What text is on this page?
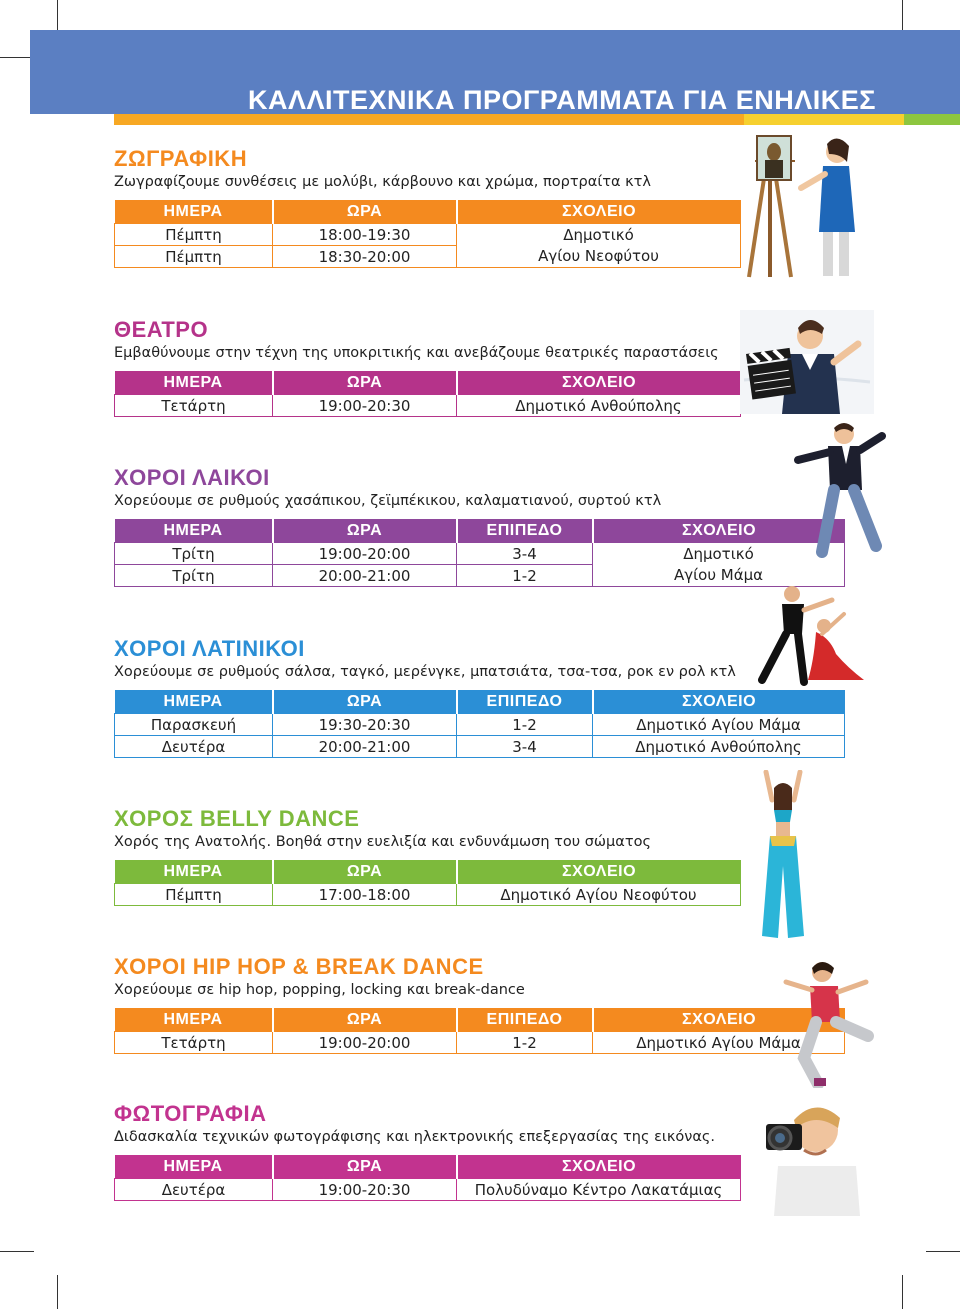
ΚΑΛΛΙΤΕΧΝΙΚΑ ΠΡΟΓΡΑΜΜΑΤΑ ΓΙΑ ΕΝΗΛΙΚΕΣ
ΖΩΓΡΑΦΙΚΗ
Ζωγραφίζουμε συνθέσεις με μολύβι, κάρβουνο και χρώμα, πορτραίτα κτλ
ΗΜΕΡΑ	ΩΡΑ	ΣΧΟΛΕΙΟ
Πέμπτη	18:00-19:30	Δημοτικό
Πέμπτη	18:30-20:00	Αγίου Νεοφύτου
ΘΕΑΤΡΟ
Εμβαθύνουμε στην τέχνη της υποκριτικής και ανεβάζουμε θεατρικές παραστάσεις
ΗΜΕΡΑ	ΩΡΑ	ΣΧΟΛΕΙΟ
Τετάρτη	19:00-20:30	Δημοτικό Ανθούπολης
ΧΟΡΟΙ ΛΑΙΚΟΙ
Χορεύουμε σε ρυθμούς χασάπικου, ζεϊμπέκικου, καλαματιανού, συρτού κτλ
ΗΜΕΡΑ	ΩΡΑ	ΕΠΙΠΕΔΟ	ΣΧΟΛΕΙΟ
Τρίτη	19:00-20:00	3-4	Δημοτικό
Τρίτη	20:00-21:00	1-2	Αγίου Μάμα
ΧΟΡΟΙ ΛΑΤΙΝΙΚΟΙ
Χορεύουμε σε ρυθμούς σάλσα, ταγκό, μερένγκε, μπατσιάτα, τσα-τσα, ροκ εν ρολ κτλ
ΗΜΕΡΑ	ΩΡΑ	ΕΠΙΠΕΔΟ	ΣΧΟΛΕΙΟ
Παρασκευή	19:30-20:30	1-2	Δημοτικό Αγίου Μάμα
Δευτέρα	20:00-21:00	3-4	Δημοτικό Ανθούπολης
ΧΟΡΟΣ BELLY DANCE
Χορός της Ανατολής. Βοηθά στην ευελιξία και ενδυνάμωση του σώματος
ΗΜΕΡΑ	ΩΡΑ	ΣΧΟΛΕΙΟ
Πέμπτη	17:00-18:00	Δημοτικό Αγίου Νεοφύτου
ΧΟΡΟΙ HIP HOP & BREAK DANCE
Χορεύουμε σε hip hop, popping, locking και break-dance
ΗΜΕΡΑ	ΩΡΑ	ΕΠΙΠΕΔΟ	ΣΧΟΛΕΙΟ
Τετάρτη	19:00-20:00	1-2	Δημοτικό Αγίου Μάμα
ΦΩΤΟΓΡΑΦΙΑ
Διδασκαλία τεχνικών φωτογράφισης και ηλεκτρονικής επεξεργασίας της εικόνας.
ΗΜΕΡΑ	ΩΡΑ	ΣΧΟΛΕΙΟ
Δευτέρα	19:00-20:30	Πολυδύναμο Κέντρο Λακατάμιας
